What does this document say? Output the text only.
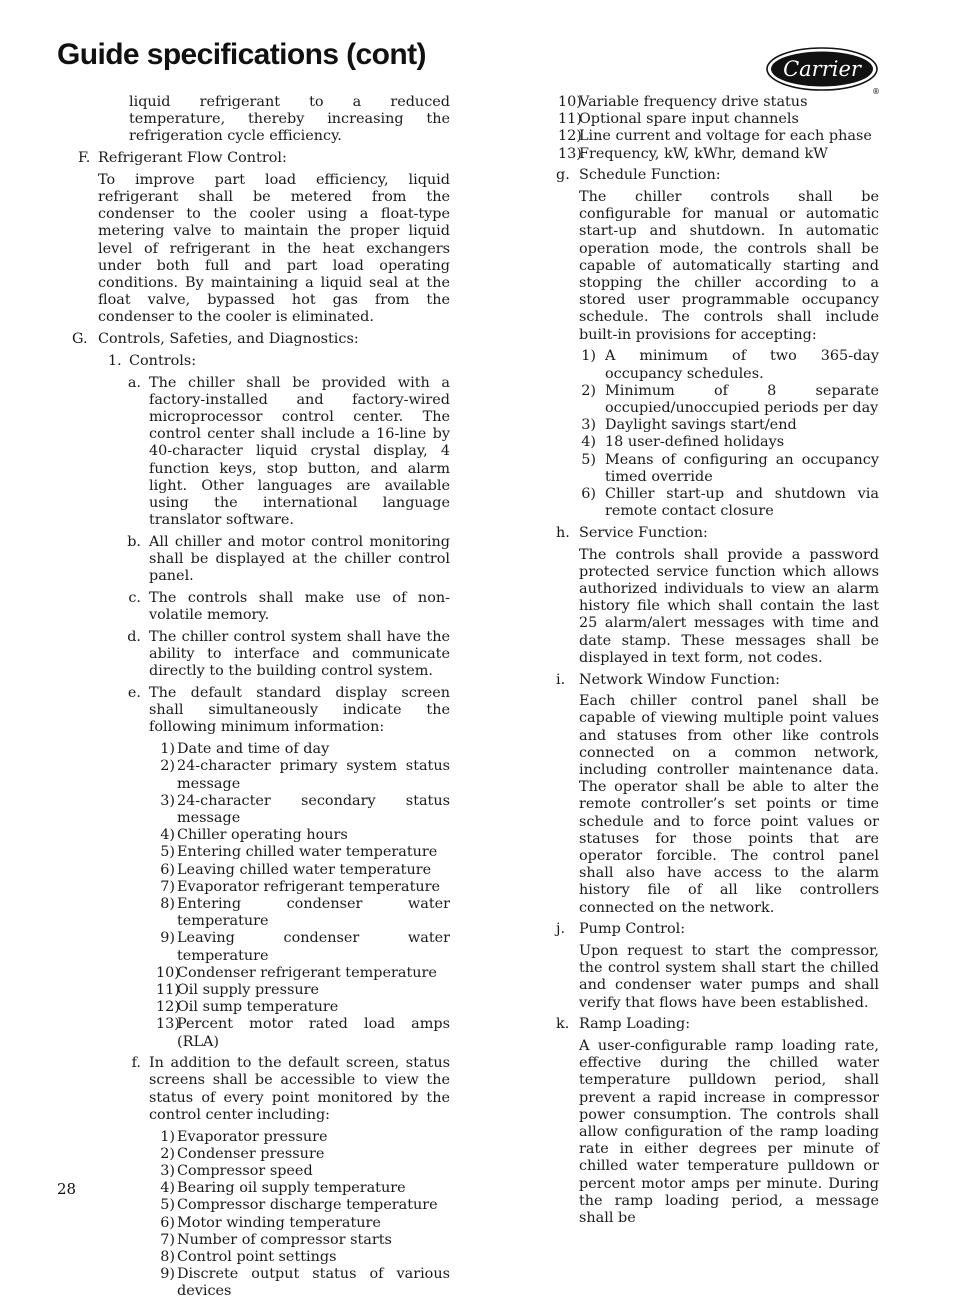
Guide specifications (cont)	Carrier
®

liquid refrigerant to a reduced temperature, thereby increasing the refrigeration cycle efficiency.

F. Refrigerant Flow Control:

To improve part load efficiency, liquid refrigerant shall be metered from the condenser to the cooler using a float-type metering valve to maintain the proper liquid level of refrigerant in the heat exchangers under both full and part load operating conditions. By maintaining a liquid seal at the float valve, bypassed hot gas from the condenser to the cooler is eliminated.

G. Controls, Safeties, and Diagnostics:
1. Controls:
a. The chiller shall be provided with a factory-installed and factory-wired microprocessor control center. The control center shall include a 16-line by 40-character liquid crystal display, 4 function keys, stop button, and alarm light. Other languages are available using the international language translator software.
b. All chiller and motor control monitoring shall be displayed at the chiller control panel.
c. The controls shall make use of non-volatile memory.
d. The chiller control system shall have the ability to interface and communicate directly to the building control system.
e. The default standard display screen shall simultaneously indicate the following minimum information:
1) Date and time of day
2) 24-character primary system status message
3) 24-character secondary status message
4) Chiller operating hours
5) Entering chilled water temperature
6) Leaving chilled water temperature
7) Evaporator refrigerant temperature
8) Entering condenser water temperature
9) Leaving condenser water temperature
10)
Condenser refrigerant temperature
11)
Oil supply pressure
12)
Oil sump temperature
13)
Percent motor rated load amps (RLA)
f. In addition to the default screen, status screens shall be accessible to view the status of every point monitored by the control center including:
1) Evaporator pressure
2) Condenser pressure
3) Compressor speed
4) Bearing oil supply temperature
5) Compressor discharge temperature
6) Motor winding temperature
7) Number of compressor starts
8) Control point settings
9) Discrete output status of various devices
10)
Variable frequency drive status
11)
Optional spare input channels
12)
Line current and voltage for each phase
13)
Frequency, kW, kWhr, demand kW
g. Schedule Function:

The chiller controls shall be configurable for manual or automatic start-up and shutdown. In automatic operation mode, the controls shall be capable of automatically starting and stopping the chiller according to a stored user programmable occupancy schedule. The controls shall include built-in provisions for accepting:

1) A minimum of two 365-day occupancy schedules.
2) Minimum of 8 separate occupied/unoccupied periods per day
3) Daylight savings start/end
4) 18 user-defined holidays
5) Means of configuring an occupancy timed override
6) Chiller start-up and shutdown via remote contact closure
h. Service Function:

The controls shall provide a password protected service function which allows authorized individuals to view an alarm history file which shall contain the last 25 alarm/alert messages with time and date stamp. These messages shall be displayed in text form, not codes.

i. Network Window Function:

Each chiller control panel shall be capable of viewing multiple point values and statuses from other like controls connected on a common network, including controller maintenance data. The operator shall be able to alter the remote controller’s set points or time schedule and to force point values or statuses for those points that are operator forcible. The control panel shall also have access to the alarm history file of all like controllers connected on the network.

j. Pump Control:

Upon request to start the compressor, the control system shall start the chilled and condenser water pumps and shall verify that flows have been established.

k. Ramp Loading:

A user-configurable ramp loading rate, effective during the chilled water temperature pulldown period, shall prevent a rapid increase in compressor power consumption. The controls shall allow configuration of the ramp loading rate in either degrees per minute of chilled water temperature pulldown or percent motor amps per minute. During the ramp loading period, a message shall be

28
